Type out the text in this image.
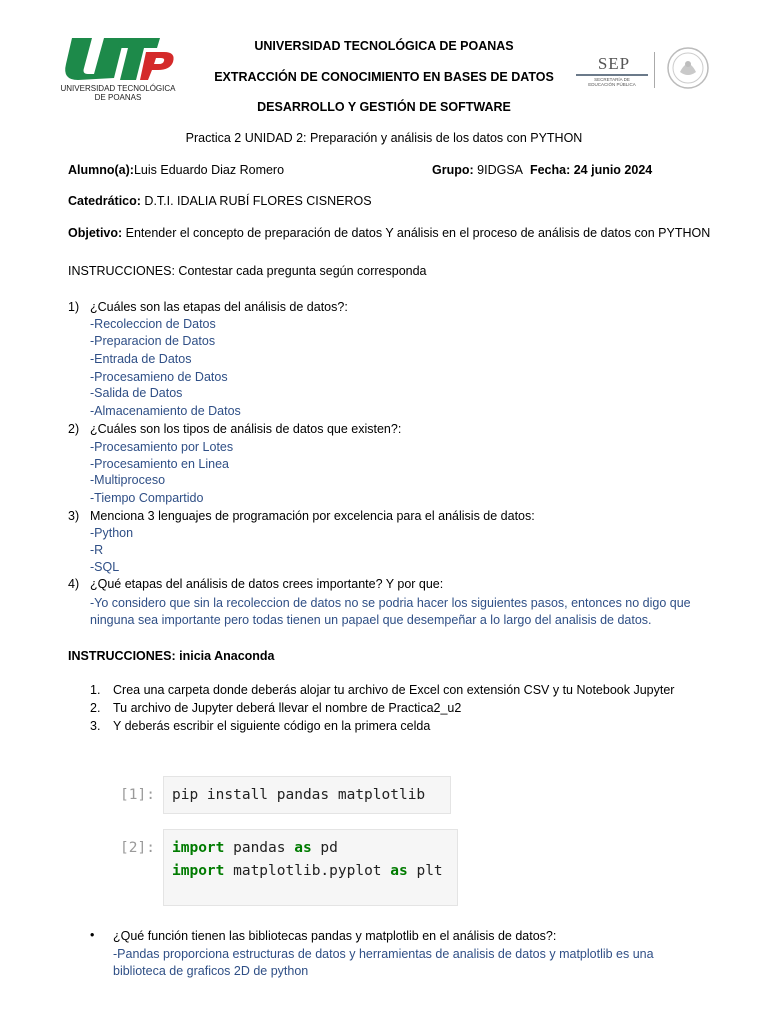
UNIVERSIDAD TECNOLÓGICA
DE POANAS
SEP
SECRETARÍA DE
EDUCACIÓN PÚBLICA
UNIVERSIDAD TECNOLÓGICA DE POANAS
EXTRACCIÓN DE CONOCIMIENTO EN BASES DE DATOS
DESARROLLO Y GESTIÓN DE SOFTWARE
Practica 2 UNIDAD 2: Preparación y análisis de los datos con PYTHON
Alumno(a):Luis Eduardo Diaz Romero	Grupo: 9IDGSA Fecha: 24 junio 2024
Catedrático: D.T.I. IDALIA RUBÍ FLORES CISNEROS
Objetivo: Entender el concepto de preparación de datos Y análisis en el proceso de análisis de datos con PYTHON
INSTRUCCIONES: Contestar cada pregunta según corresponda
1) ¿Cuáles son las etapas del análisis de datos?:
-Recoleccion de Datos
-Preparacion de Datos
-Entrada de Datos
-Procesamieno de Datos
-Salida de Datos
-Almacenamiento de Datos
2) ¿Cuáles son los tipos de análisis de datos que existen?:
-Procesamiento por Lotes
-Procesamiento en Linea
-Multiproceso
-Tiempo Compartido
3) Menciona 3 lenguajes de programación por excelencia para el análisis de datos:
-Python
-R
-SQL
4) ¿Qué etapas del análisis de datos crees importante? Y por que:
-Yo considero que sin la recoleccion de datos no se podria hacer los siguientes pasos, entonces no digo que
ninguna sea importante pero todas tienen un papael que desempeñar a lo largo del analisis de datos.
INSTRUCCIONES: inicia Anaconda
1.	Crea una carpeta donde deberás alojar tu archivo de Excel con extensión CSV y tu Notebook Jupyter
2.	Tu archivo de Jupyter deberá llevar el nombre de Practica2_u2
3.	Y deberás escribir el siguiente código en la primera celda
[1]: pip install pandas matplotlib
[2]: import pandas as pd
import matplotlib.pyplot as plt
• ¿Qué función tienen las bibliotecas pandas y matplotlib en el análisis de datos?:
-Pandas proporciona estructuras de datos y herramientas de analisis de datos y matplotlib es una
biblioteca de graficos 2D de python
